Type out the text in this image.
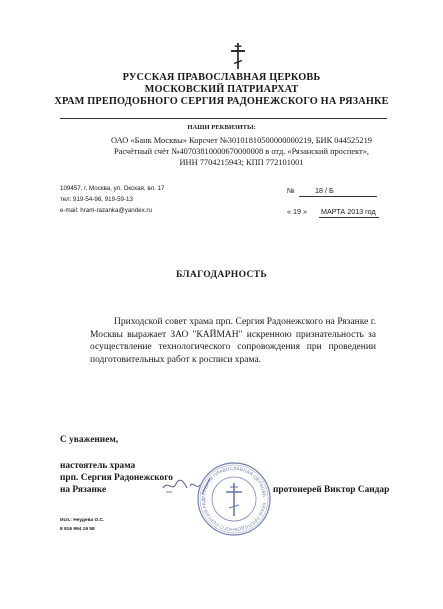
РУССКАЯ ПРАВОСЛАВНАЯ ЦЕРКОВЬ
МОСКОВСКИЙ ПАТРИАРХАТ
ХРАМ ПРЕПОДОБНОГО СЕРГИЯ РАДОНЕЖСКОГО НА РЯЗАНКЕ
НАШИ РЕКВИЗИТЫ:
ОАО «Банк Москвы» Корсчет №30101810500000000219, БИК 044525219
Расчётный счёт №40703810000670000008 в отд. «Рязанский проспект»,
ИНН 7704215943; КПП 772101001
109457, г. Москва, ул. Окская, вл. 17
тел: 919-54-96, 919-59-13
e-mail: hram-razanka@yandex.ru
№	18 / Б
« 19 » МАРТА 2013 год
БЛАГОДАРНОСТЬ

Приходской совет храма прп. Сергия Радонежского на Рязанке г. Москвы выражает ЗАО "КАЙМАН" искренною признательность за осуществление технологического сопровождения при проведении подготовительных работ к росписи храма.

С уважением,
настоятель храма
прп. Сергия Радонежского
на Рязанке	протоиерей Виктор Сандар
РУССКАЯ ПРАВОСЛАВНАЯ ЦЕРКОВЬ · ХРАМ ПРЕПОДОБНОГО СЕРГИЯ РАД
Исп.: Неудева О.С.
8 916 994 19 58
